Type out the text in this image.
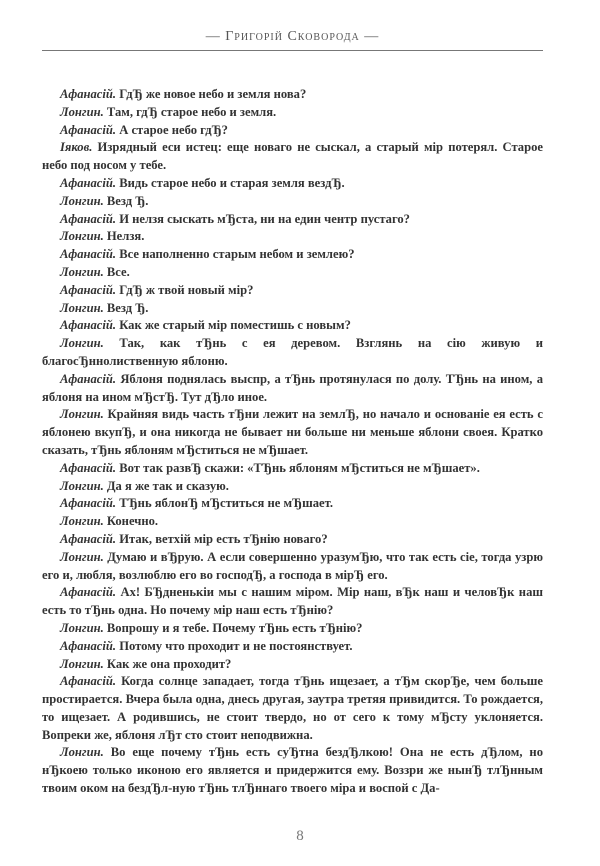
— Григорій Сковорода —

Афанасій. ГдЂ же новое небо и земля нова?

Лонгин. Там, гдЂ старое небо и земля.

Афанасій. А старое небо гдЂ?

Іяков. Изрядный еси истец: еще новаго не сыскал, а старый мір потерял. Старое небо под носом у тебе.

Афанасій. Видь старое небо и старая земля вездЂ.

Лонгин. Везд Ђ.

Афанасій. И нелзя сыскать мЂста, ни на един чентр пустаго?

Лонгин. Нелзя.

Афанасій. Все наполненно старым небом и землею?

Лонгин. Все.

Афанасій. ГдЂ ж твой новый мір?

Лонгин. Везд Ђ.

Афанасій. Как же старый мір поместишь с новым?

Лонгин. Так, как тЂнь с ея деревом. Взглянь на сію живую и благосЂннолиственную яблоню.

Афанасій. Яблоня поднялась выспр, а тЂнь протянулася по долу. ТЂнь на ином, а яблоня на ином мЂстЂ. Тут дЂло иное.

Лонгин. Крайняя видь часть тЂни лежит на землЂ, но начало и основаніе ея есть с яблонею вкупЂ, и она никогда не бывает ни больше ни меньше яблони своея. Кратко сказать, тЂнь яблоням мЂститься не мЂшает.

Афанасій. Вот так развЂ скажи: «ТЂнь яблоням мЂститься не мЂшает».

Лонгин. Да я же так и сказую.

Афанасій. ТЂнь яблонЂ мЂститься не мЂшает.

Лонгин. Конечно.

Афанасій. Итак, ветхій мір есть тЂнію новаго?

Лонгин. Думаю и вЂрую. А если совершенно уразумЂю, что так есть сіе, тогда узрю его и, любля, возлюблю его во господЂ, а господа в мірЂ его.

Афанасій. Ах! БЂдненькіи мы с нашим міром. Мір наш, вЂк наш и человЂк наш есть то тЂнь одна. Но почему мір наш есть тЂнію?

Лонгин. Вопрошу и я тебе. Почему тЂнь есть тЂнію?

Афанасій. Потому что проходит и не постоянствует.

Лонгин. Как же она проходит?

Афанасій. Когда солнце западает, тогда тЂнь ищезает, а тЂм скорЂе, чем больше простирается. Вчера была одна, днесь другая, заутра третяя привидится. То рождается, то ищезает. А родившись, не стоит твердо, но от сего к тому мЂсту уклоняется. Вопреки же, яблоня лЂт сто стоит неподвижна.

Лонгин. Во еще почему тЂнь есть суЂтна бездЂлкою! Она не есть дЂлом, но нЂкоею только иконою его является и придержится ему. Воззри же нынЂ тлЂнным твоим оком на бездЂл-ную тЂнь тлЂннаго твоего міра и воспой с Да-

8
